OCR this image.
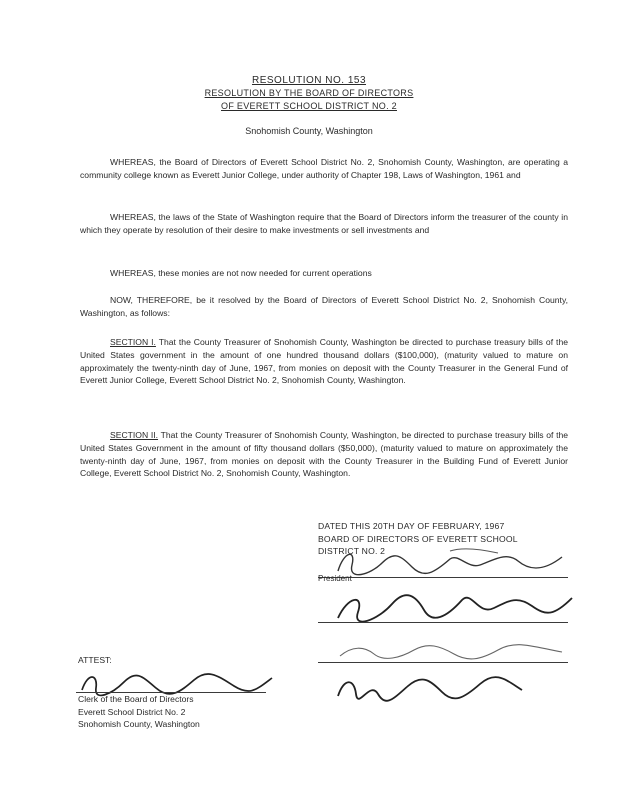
RESOLUTION NO. 153
RESOLUTION BY THE BOARD OF DIRECTORS
OF EVERETT SCHOOL DISTRICT NO. 2
Snohomish County, Washington
WHEREAS, the Board of Directors of Everett School District No. 2, Snohomish County, Washington, are operating a community college known as Everett Junior College, under authority of Chapter 198, Laws of Washington, 1961 and
WHEREAS, the laws of the State of Washington require that the Board of Directors inform the treasurer of the county in which they operate by resolution of their desire to make investments or sell investments and
WHEREAS, these monies are not now needed for current operations
NOW, THEREFORE, be it resolved by the Board of Directors of Everett School District No. 2, Snohomish County, Washington, as follows:
SECTION I. That the County Treasurer of Snohomish County, Washington be directed to purchase treasury bills of the United States government in the amount of one hundred thousand dollars ($100,000), (maturity valued to mature on approximately the twenty-ninth day of June, 1967, from monies on deposit with the County Treasurer in the General Fund of Everett Junior College, Everett School District No. 2, Snohomish County, Washington.
SECTION II. That the County Treasurer of Snohomish County, Washington, be directed to purchase treasury bills of the United States Government in the amount of fifty thousand dollars ($50,000), (maturity valued to mature on approximately the twenty-ninth day of June, 1967, from monies on deposit with the County Treasurer in the Building Fund of Everett Junior College, Everett School District No. 2, Snohomish County, Washington.
DATED THIS 20TH DAY OF FEBRUARY, 1967
BOARD OF DIRECTORS OF EVERETT SCHOOL
DISTRICT NO. 2
President
ATTEST:
Clerk of the Board of Directors
Everett School District No. 2
Snohomish County, Washington
